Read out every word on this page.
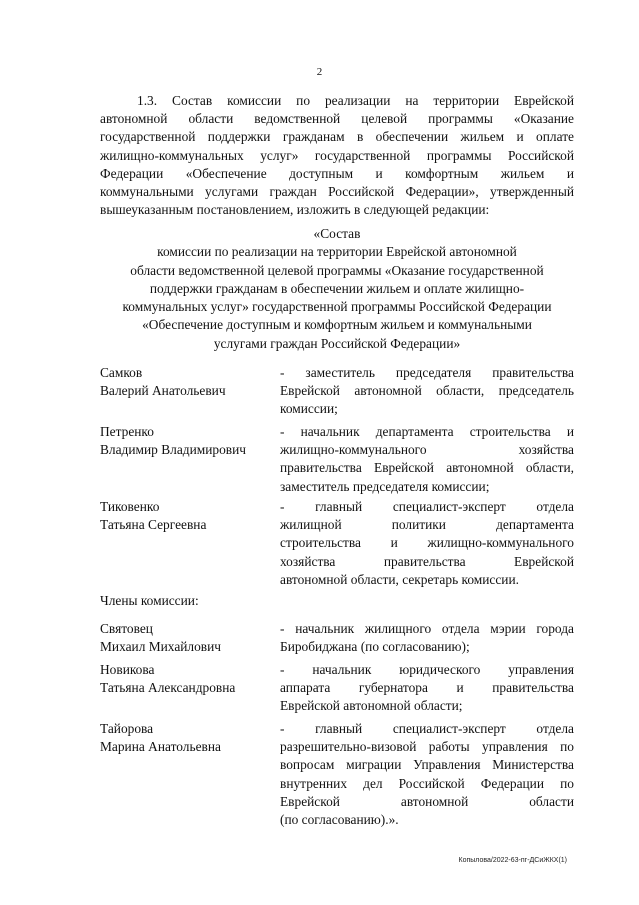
2
1.3. Состав комиссии по реализации на территории Еврейской
автономной области ведомственной целевой программы «Оказание
государственной поддержки гражданам в обеспечении жильем и оплате
жилищно-коммунальных услуг» государственной программы Российской
Федерации «Обеспечение доступным и комфортным жильем и
коммунальными услугами граждан Российской Федерации», утвержденный
вышеуказанным постановлением, изложить в следующей редакции:
«Состав
комиссии по реализации на территории Еврейской автономной
области ведомственной целевой программы «Оказание государственной
поддержки гражданам в обеспечении жильем и оплате жилищно-
коммунальных услуг» государственной программы Российской Федерации
«Обеспечение доступным и комфортным жильем и коммунальными
услугами граждан Российской Федерации»
Самков
Валерий Анатольевич
- заместитель председателя правительства
Еврейской автономной области, председатель
комиссии;
Петренко
Владимир Владимирович
- начальник департамента строительства и
жилищно-коммунального хозяйства
правительства Еврейской автономной области,
заместитель председателя комиссии;
Тиковенко
Татьяна Сергеевна
- главный специалист-эксперт отдела
жилищной политики департамента
строительства и жилищно-коммунального
хозяйства правительства Еврейской
автономной области, секретарь комиссии.
Члены комиссии:
Святовец
Михаил Михайлович
- начальник жилищного отдела мэрии города
Биробиджана (по согласованию);
Новикова
Татьяна Александровна
- начальник юридического управления
аппарата губернатора и правительства
Еврейской автономной области;
Тайорова
Марина Анатольевна
- главный специалист-эксперт отдела
разрешительно-визовой работы управления по
вопросам миграции Управления Министерства
внутренних дел Российской Федерации по
Еврейской автономной области
(по согласованию).».
Копылова/2022-63-пг-ДСиЖКХ(1)
